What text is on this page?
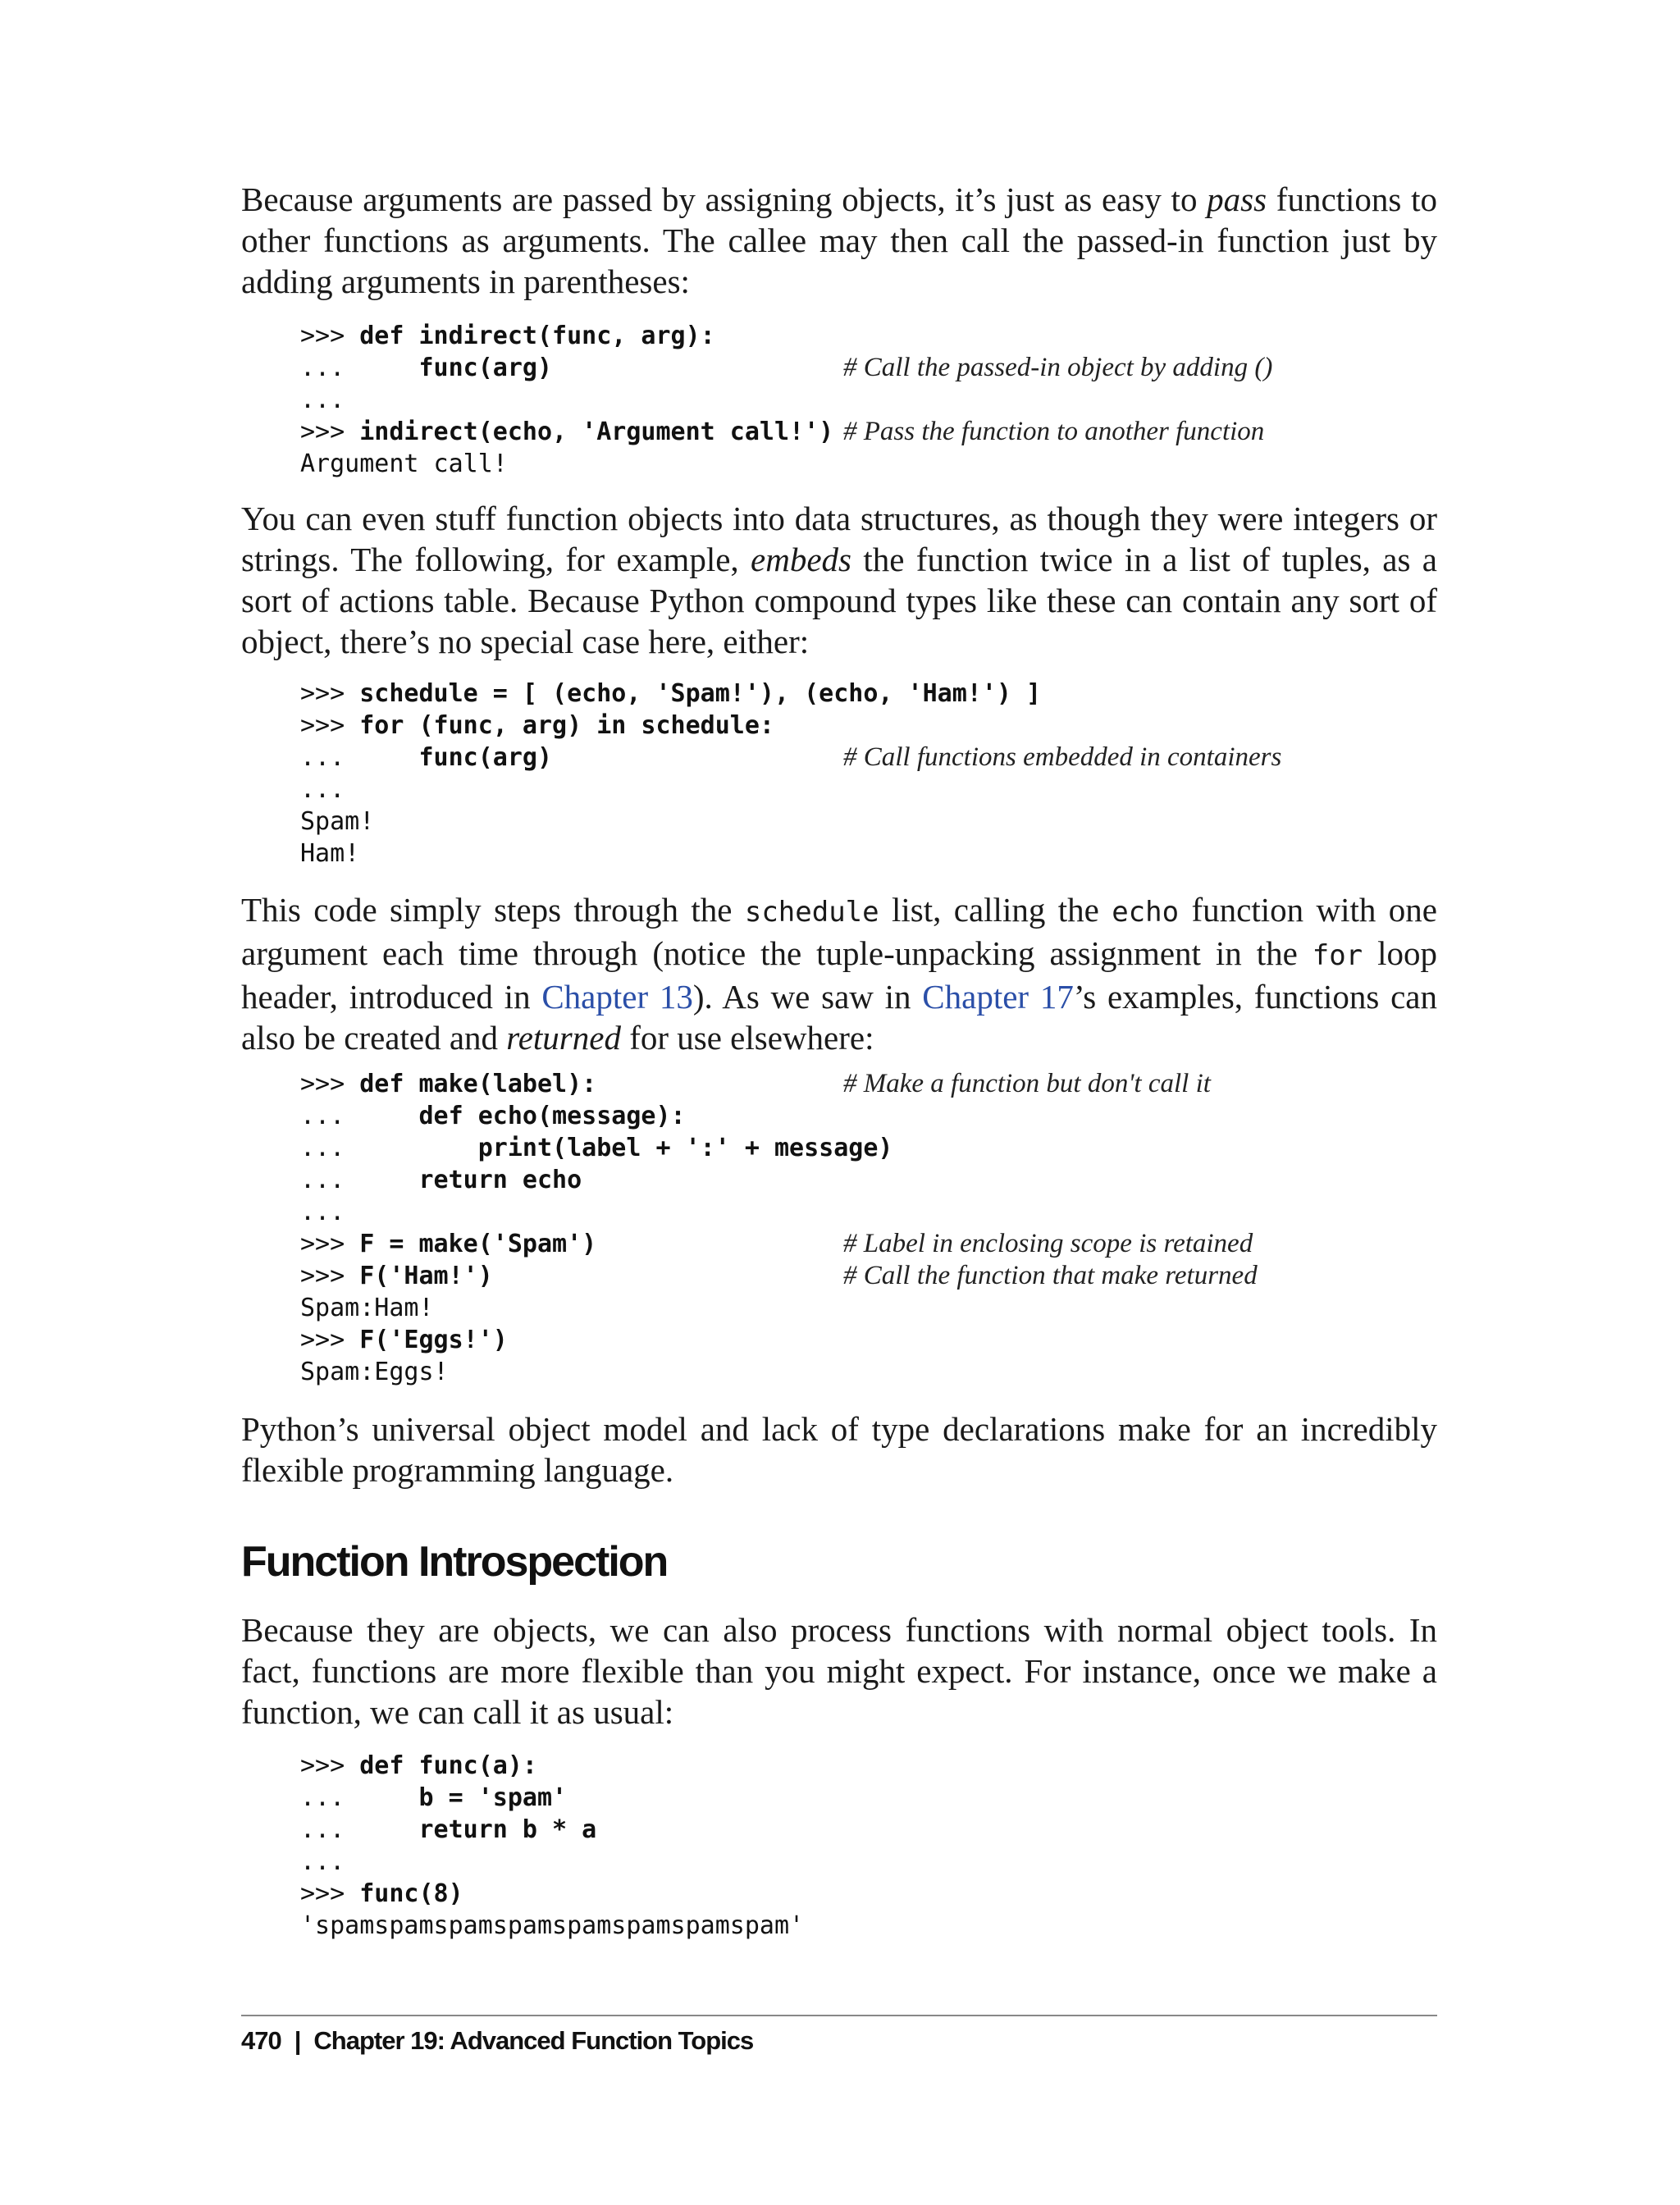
Because arguments are passed by assigning objects, it’s just as easy to pass functions to other functions as arguments. The callee may then call the passed-in function just by adding arguments in parentheses:

>>> def indirect(func, arg):
...     func(arg)	# Call the passed-in object by adding ()
...
>>> indirect(echo, 'Argument call!') # Pass the function to another function
Argument call!

You can even stuff function objects into data structures, as though they were integers or strings. The following, for example, embeds the function twice in a list of tuples, as a sort of actions table. Because Python compound types like these can contain any sort of object, there’s no special case here, either:

>>> schedule = [ (echo, 'Spam!'), (echo, 'Ham!') ]
>>> for (func, arg) in schedule:
...     func(arg)	# Call functions embedded in containers
...
Spam!
Ham!

This code simply steps through the schedule list, calling the echo function with one argument each time through (notice the tuple-unpacking assignment in the for loop header, introduced in Chapter 13). As we saw in Chapter 17’s examples, functions can also be created and returned for use elsewhere:

>>> def make(label):	# Make a function but don't call it
...     def echo(message):
...         print(label + ':' + message)
...     return echo
...
>>> F = make('Spam')	# Label in enclosing scope is retained
>>> F('Ham!')	# Call the function that make returned
Spam:Ham!
>>> F('Eggs!')
Spam:Eggs!

Python’s universal object model and lack of type declarations make for an incredibly flexible programming language.

Function Introspection

Because they are objects, we can also process functions with normal object tools. In fact, functions are more flexible than you might expect. For instance, once we make a function, we can call it as usual:

>>> def func(a):
...     b = 'spam'
...     return b * a
...
>>> func(8)
'spamspamspamspamspamspamspamspam'
470 | Chapter 19: Advanced Function Topics
